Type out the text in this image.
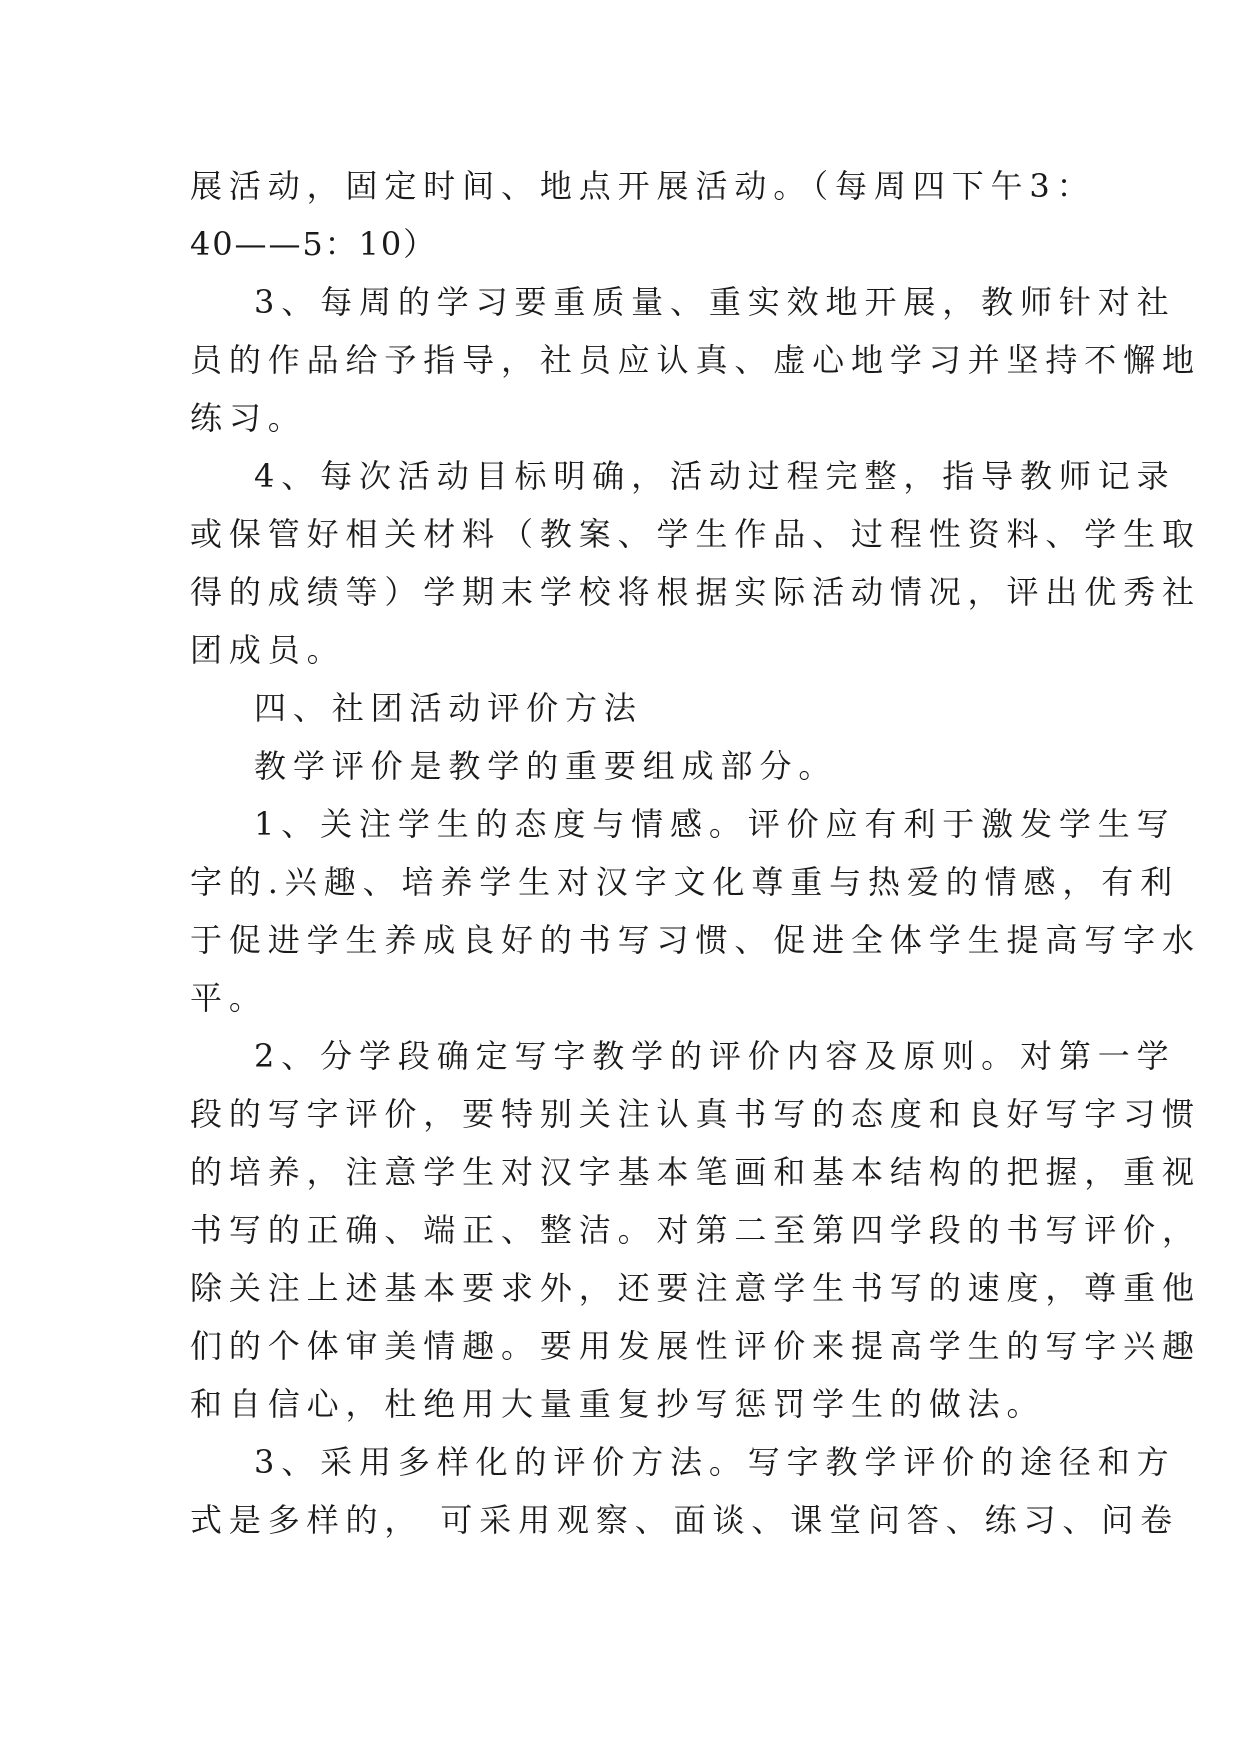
展活动，固定时间、地点开展活动。（每周四下午3：
40——5：10）
3、每周的学习要重质量、重实效地开展，教师针对社
员的作品给予指导，社员应认真、虚心地学习并坚持不懈地
练习。
4、每次活动目标明确，活动过程完整，指导教师记录
或保管好相关材料（教案、学生作品、过程性资料、学生取
得的成绩等）学期末学校将根据实际活动情况，评出优秀社
团成员。
四、社团活动评价方法
教学评价是教学的重要组成部分。
1、关注学生的态度与情感。评价应有利于激发学生写
字的.兴趣、培养学生对汉字文化尊重与热爱的情感，有利
于促进学生养成良好的书写习惯、促进全体学生提高写字水
平。
2、分学段确定写字教学的评价内容及原则。对第一学
段的写字评价，要特别关注认真书写的态度和良好写字习惯
的培养，注意学生对汉字基本笔画和基本结构的把握，重视
书写的正确、端正、整洁。对第二至第四学段的书写评价，
除关注上述基本要求外，还要注意学生书写的速度，尊重他
们的个体审美情趣。要用发展性评价来提高学生的写字兴趣
和自信心，杜绝用大量重复抄写惩罚学生的做法。
3、采用多样化的评价方法。写字教学评价的途径和方
式是多样的， 可采用观察、面谈、课堂问答、练习、问卷
